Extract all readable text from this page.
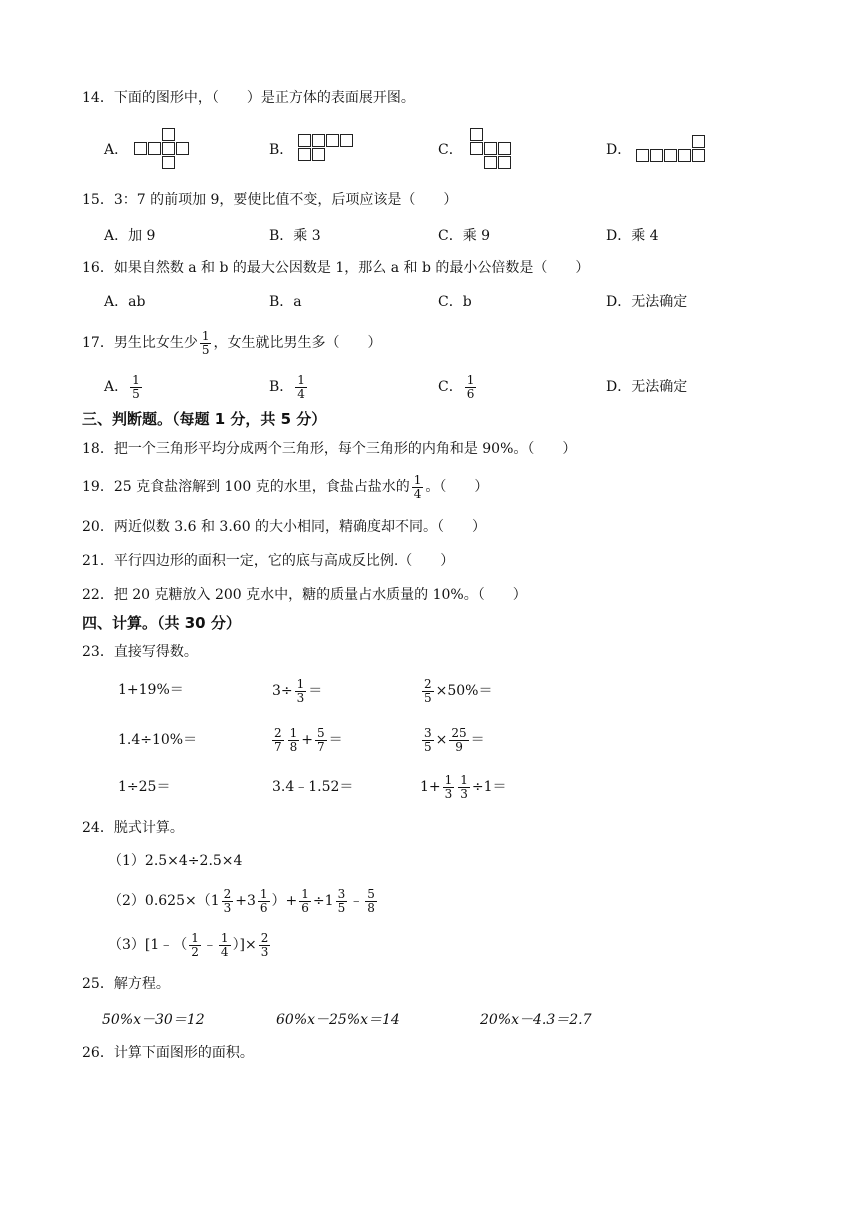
14．下面的图形中，（　　）是正方体的表面展开图。
A．	B．	C．	D．
15．3：7 的前项加 9，要使比值不变，后项应该是（　　）
A．加 9	B．乘 3	C．乘 9	D．乘 4
16．如果自然数 a 和 b 的最大公因数是 1，那么 a 和 b 的最小公倍数是（　　）
A．ab	B．a	C．b	D．无法确定
17．男生比女生少 $\frac{1}{5}$ ，女生就比男生多（　　）
A． $\frac{1}{5}$	B． $\frac{1}{4}$	C． $\frac{1}{6}$	D．无法确定
三、判断题。（每题 1 分，共 5 分）
18．把一个三角形平均分成两个三角形，每个三角形的内角和是 90%。（　　）
19．25 克食盐溶解到 100 克的水里，食盐占盐水的 $\frac{1}{4}$ 。（　　）
20．两近似数 3.6 和 3.60 的大小相同，精确度却不同。（　　）
21．平行四边形的面积一定，它的底与高成反比例.（　　）
22．把 20 克糖放入 200 克水中，糖的质量占水质量的 10%。（　　）
四、计算。（共 30 分）
23．直接写得数。
1+19%＝	$3\div \frac{1}{3}$ ＝	$\frac{2}{5} \times 50\%=$
1.4÷10%＝	$\frac{2}{7} \frac{1}{8} + \frac{5}{7}$ ＝	$\frac{3}{5} \times \frac{25}{9}$ ＝
1÷25＝	3.4﹣1.52＝	$1+ \frac{1}{3} \frac{1}{3} \div 1=$
24．脱式计算。
（1）2.5×4÷2.5×4
$(2)0.625\times(1 \frac{2}{3} +3 \frac{1}{6}$ ）+ $\frac{1}{6} \div 1 \frac{3}{5}$ ﹣ $\frac{5}{8}$
（3）[1﹣（ $\frac{1}{2}$ ﹣ $\frac{1}{4}$ ）]× $\frac{2}{3}$
25．解方程。
50%x－30＝12	60%x－25%x＝14	20%x－4.3＝2.7
26．计算下面图形的面积。
